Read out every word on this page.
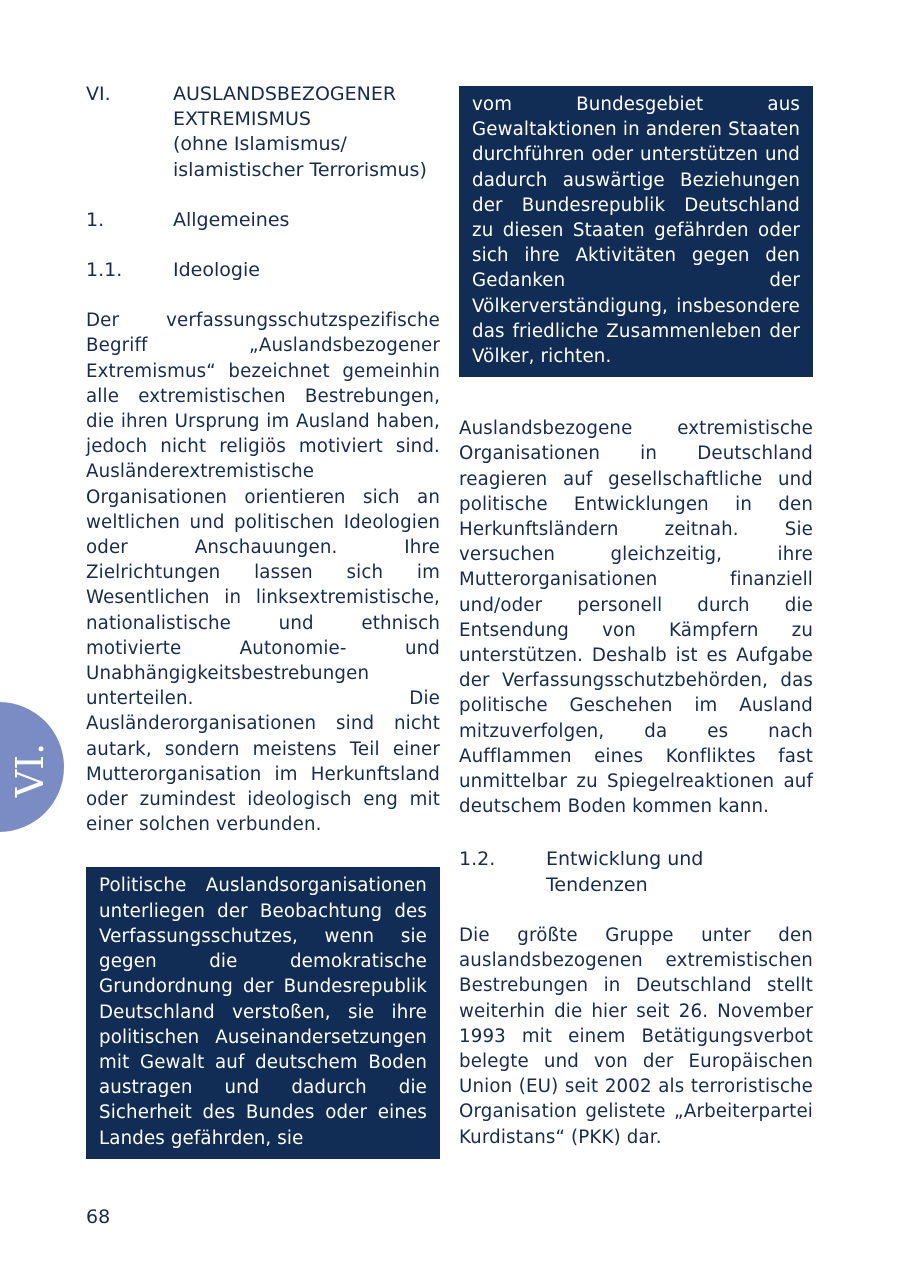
VI.	AUSLANDSBEZOGENER
EXTREMISMUS
(ohne Islamismus/
islamistischer Terrorismus)
1.	Allgemeines
1.1.	Ideologie

Der verfassungsschutzspezifische Begriff „Auslandsbezogener Extremismus“ bezeichnet gemeinhin alle extremistischen Bestrebungen, die ihren Ursprung im Ausland haben, jedoch nicht religiös motiviert sind. Ausländerextremistische Organisationen orientieren sich an weltlichen und politischen Ideologien oder Anschauungen. Ihre Zielrichtungen lassen sich im Wesentlichen in linksextremistische, nationalistische und ethnisch motivierte Autonomie- und Unabhängigkeitsbestrebungen unterteilen. Die Ausländerorganisationen sind nicht autark, sondern meistens Teil einer Mutterorganisation im Herkunftsland oder zumindest ideologisch eng mit einer solchen verbunden.

Politische Auslandsorganisationen unterliegen der Beobachtung des Verfassungsschutzes, wenn sie gegen die demokratische Grundordnung der Bundesrepublik Deutschland verstoßen, sie ihre politischen Auseinandersetzungen mit Gewalt auf deutschem Boden austragen und dadurch die Sicherheit des Bundes oder eines Landes gefährden, sie

vom Bundesgebiet aus Gewaltaktionen in anderen Staaten durchführen oder unterstützen und dadurch auswärtige Beziehungen der Bundesrepublik Deutschland zu diesen Staaten gefährden oder sich ihre Aktivitäten gegen den Gedanken der Völkerverständigung, insbesondere das friedliche Zusammenleben der Völker, richten.

Auslandsbezogene extremistische Organisationen in Deutschland reagieren auf gesellschaftliche und politische Entwicklungen in den Herkunftsländern zeitnah. Sie versuchen gleichzeitig, ihre Mutterorganisationen finanziell und/oder personell durch die Entsendung von Kämpfern zu unterstützen. Deshalb ist es Aufgabe der Verfassungsschutzbehörden, das politische Geschehen im Ausland mitzuverfolgen, da es nach Aufflammen eines Konfliktes fast unmittelbar zu Spiegelreaktionen auf deutschem Boden kommen kann.

1.2.	Entwicklung und
Tendenzen

Die größte Gruppe unter den auslandsbezogenen extremistischen Bestrebungen in Deutschland stellt weiterhin die hier seit 26. November 1993 mit einem Betätigungsverbot belegte und von der Europäischen Union (EU) seit 2002 als terroristische Organisation gelistete „Arbeiterpartei Kurdistans“ (PKK) dar.

VI.
68
